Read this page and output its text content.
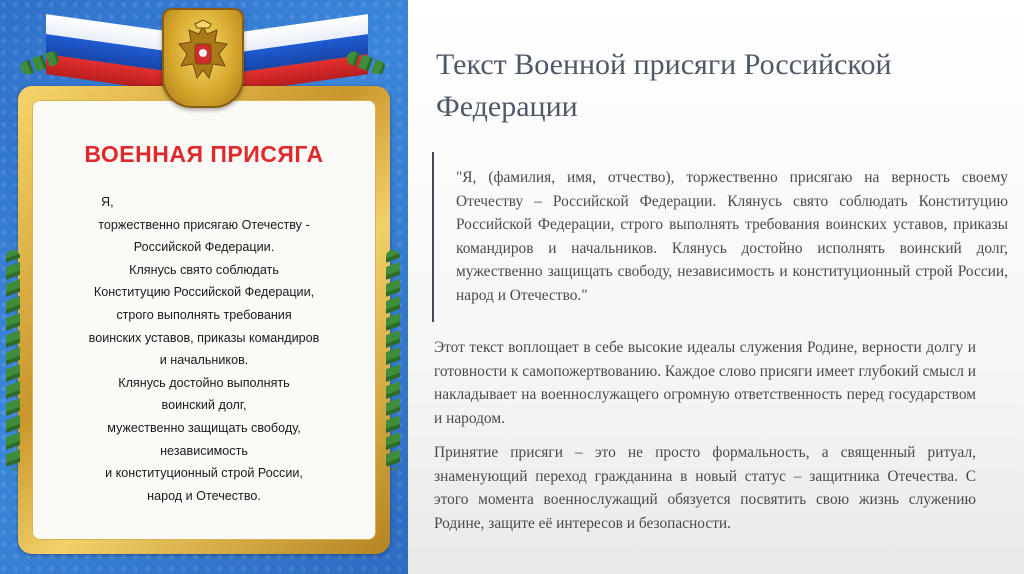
ВОЕННАЯ ПРИСЯГА
Я,
торжественно присягаю Отечеству -
Российской Федерации.
Клянусь свято соблюдать
Конституцию Российской Федерации,
строго выполнять требования
воинских уставов, приказы командиров
и начальников.
Клянусь достойно выполнять
воинский долг,
мужественно защищать свободу,
независимость
и конституционный строй России,
народ и Отечество.
Текст Военной присяги Российской Федерации
"Я, (фамилия, имя, отчество), торжественно присягаю на верность своему Отечеству – Российской Федерации. Клянусь свято соблюдать Конституцию Российской Федерации, строго выполнять требования воинских уставов, приказы командиров и начальников. Клянусь достойно исполнять воинский долг, мужественно защищать свободу, независимость и конституционный строй России, народ и Отечество."

Этот текст воплощает в себе высокие идеалы служения Родине, верности долгу и готовности к самопожертвованию. Каждое слово присяги имеет глубокий смысл и накладывает на военнослужащего огромную ответственность перед государством и народом.

Принятие присяги – это не просто формальность, а священный ритуал, знаменующий переход гражданина в новый статус – защитника Отечества. С этого момента военнослужащий обязуется посвятить свою жизнь служению Родине, защите её интересов и безопасности.
